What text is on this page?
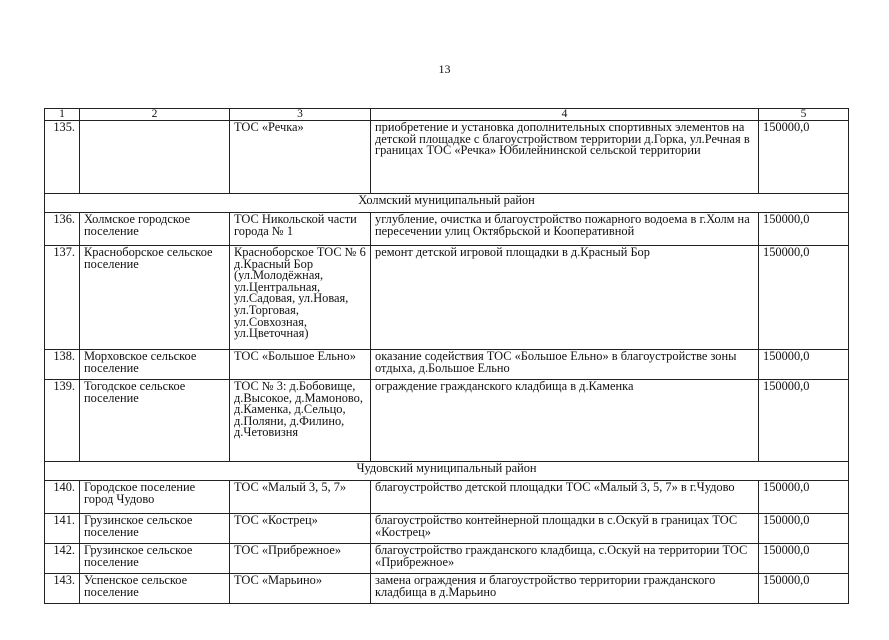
13
1	2	3	4	5
135.		ТОС «Речка»	приобретение и установка дополнительных спортивных элементов на детской площадке с благоустройством территории д.Горка, ул.Речная в границах ТОС «Речка» Юбилейнинской сельской территории	150000,0
Холмский муниципальный район				
136.	Холмское городское поселение	ТОС Никольской части города № 1	углубление, очистка и благоустройство пожарного водоема в г.Холм на пересечении улиц Октябрьской и Кооперативной	150000,0
137.	Красноборское сельское поселение	Красноборское ТОС № 6 д.Красный Бор (ул.Молодёжная, ул.Центральная, ул.Садовая, ул.Новая, ул.Торговая, ул.Совхозная, ул.Цветочная)	ремонт детской игровой площадки в д.Красный Бор	150000,0
138.	Морховское сельское поселение	ТОС «Большое Ельно»	оказание содействия ТОС «Большое Ельно» в благоустройстве зоны отдыха, д.Большое Ельно	150000,0
139.	Тогодское сельское поселение	ТОС № 3: д.Бобовище, д.Высокое, д.Мамоново, д.Каменка, д.Сельцо, д.Поляни, д.Филино, д.Четовизня	ограждение гражданского кладбища в д.Каменка	150000,0
Чудовский муниципальный район				
140.	Городское поселение город Чудово	ТОС «Малый 3, 5, 7»	благоустройство детской площадки ТОС «Малый 3, 5, 7» в г.Чудово	150000,0
141.	Грузинское сельское поселение	ТОС «Кострец»	благоустройство контейнерной площадки в с.Оскуй в границах ТОС «Кострец»	150000,0
142.	Грузинское сельское поселение	ТОС «Прибрежное»	благоустройство гражданского кладбища, с.Оскуй на территории ТОС «Прибрежное»	150000,0
143.	Успенское сельское поселение	ТОС «Марьино»	замена ограждения и благоустройство территории гражданского кладбища в д.Марьино	150000,0
